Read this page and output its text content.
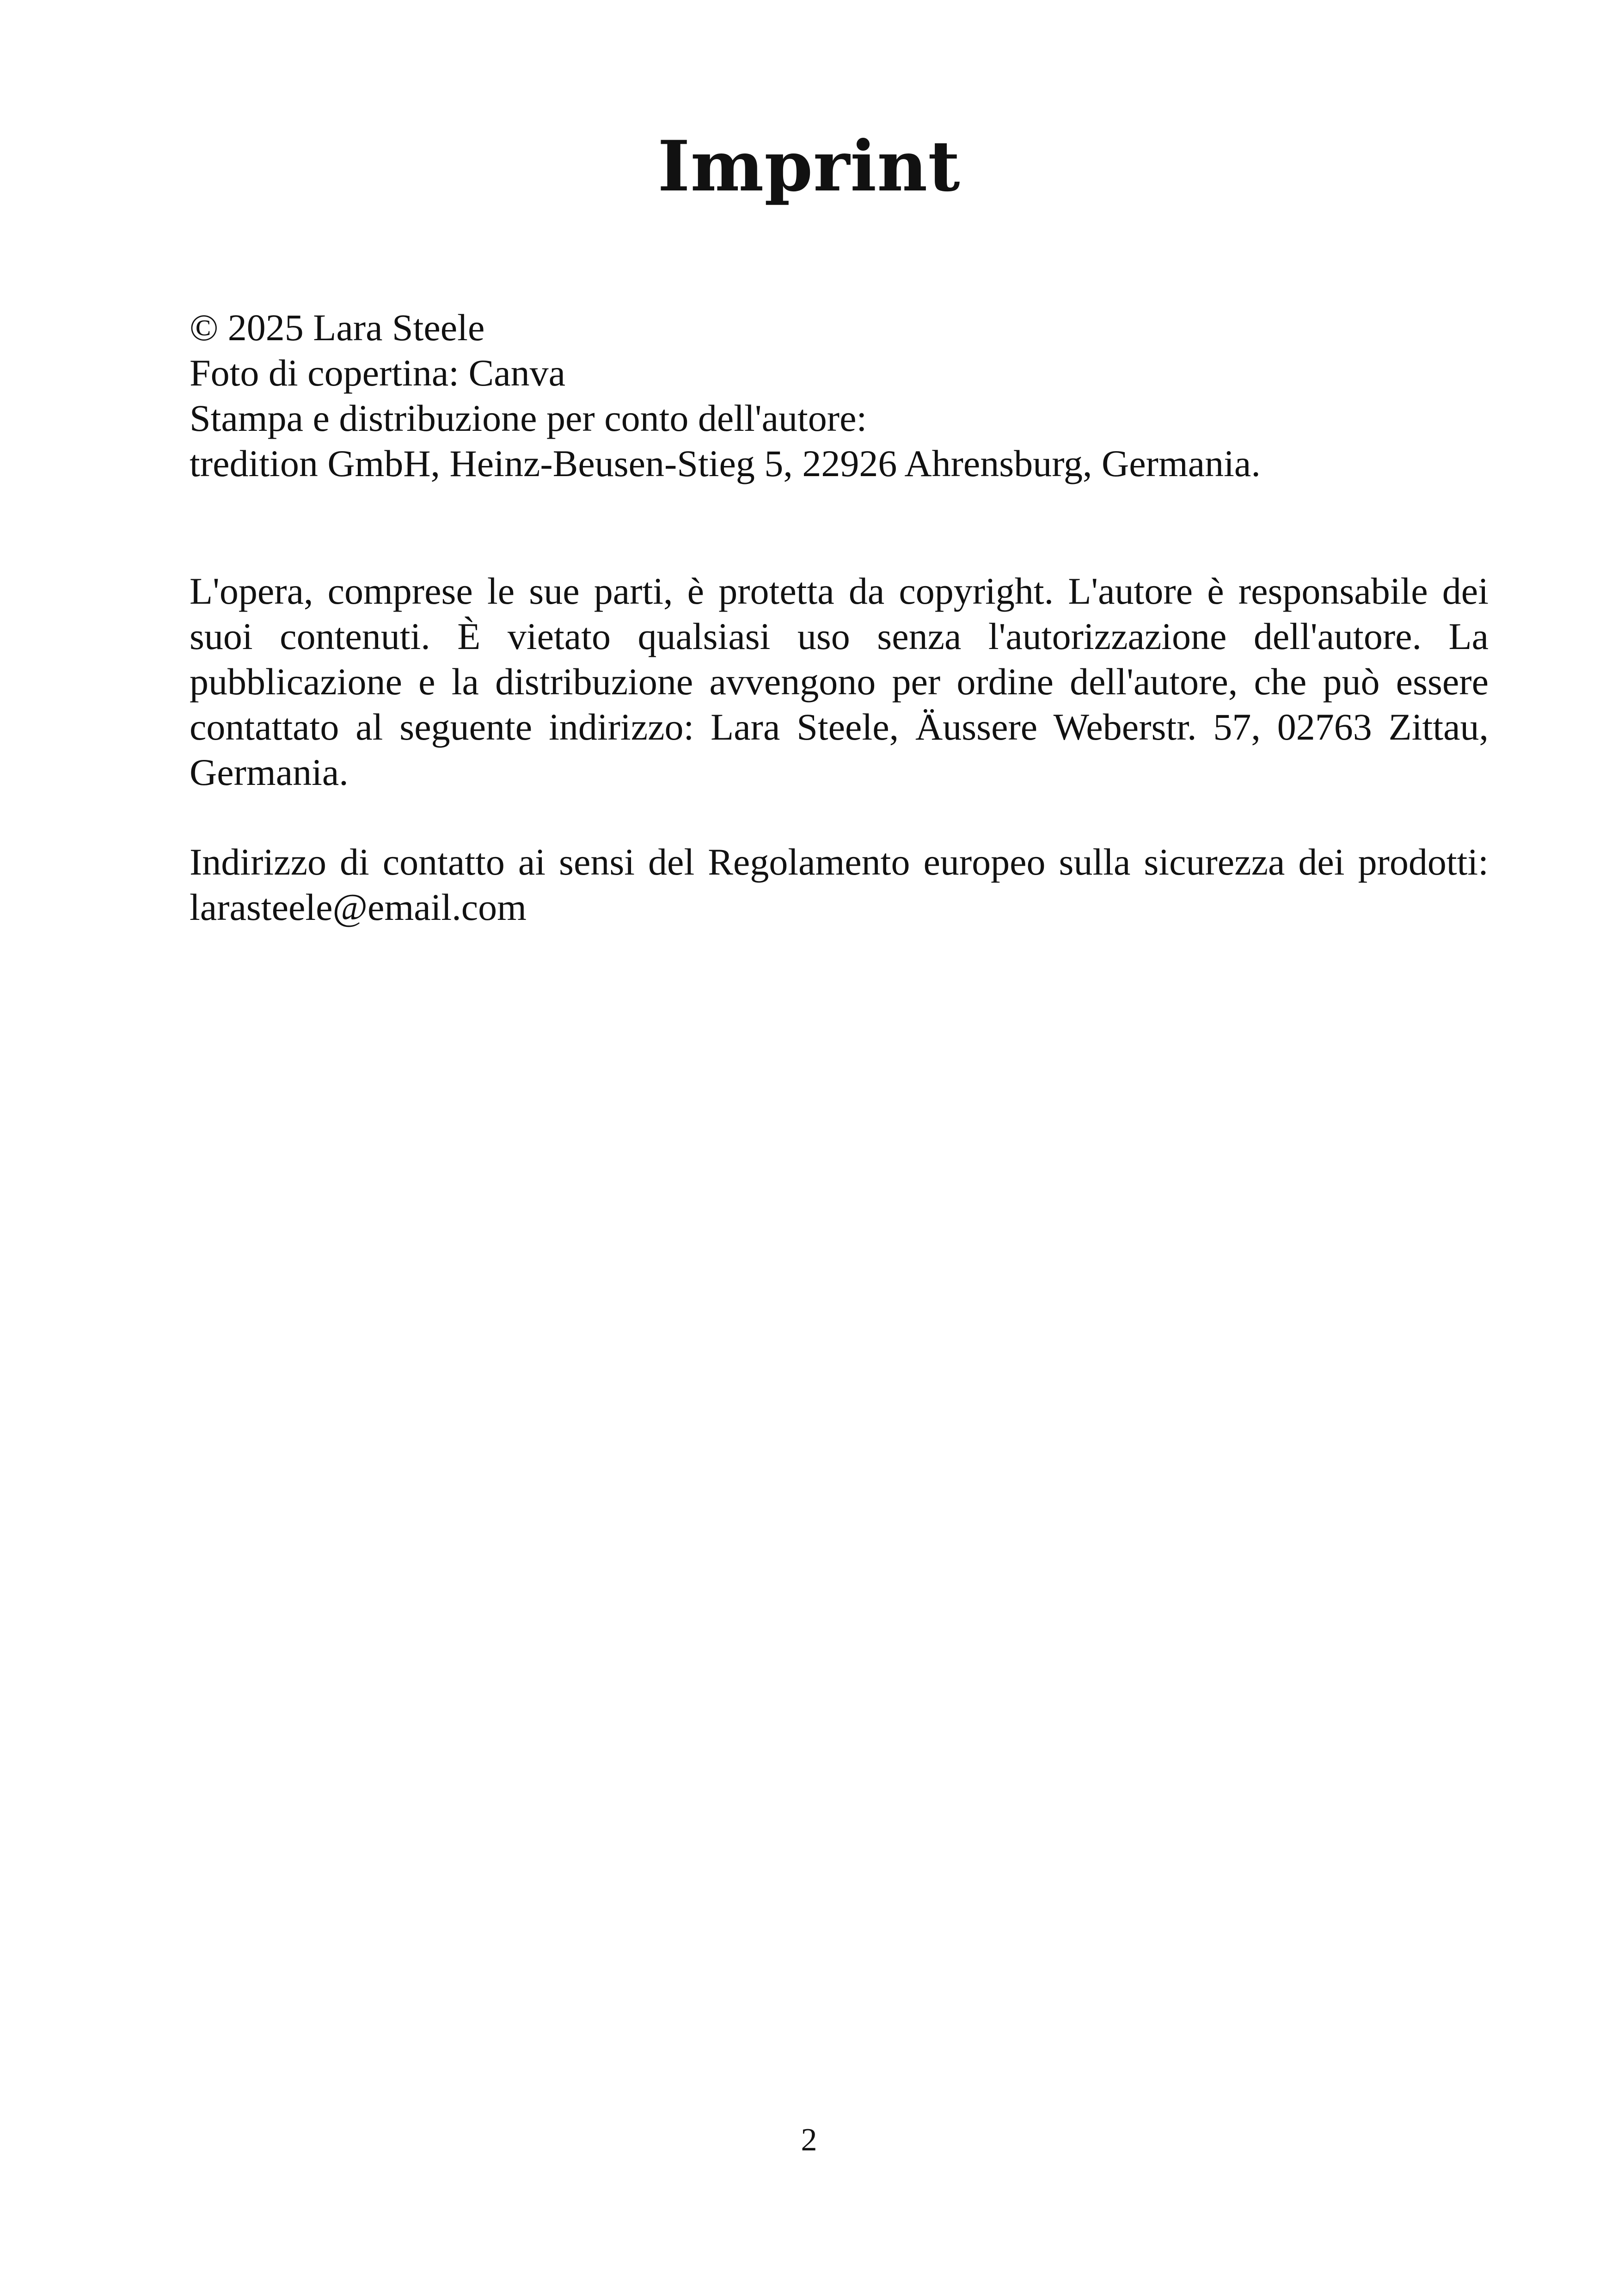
Imprint
© 2025 Lara Steele
Foto di copertina: Canva
Stampa e distribuzione per conto dell'autore:
tredition GmbH, Heinz-Beusen-Stieg 5, 22926 Ahrensburg, Germania.

L'opera, comprese le sue parti, è protetta da copyright. L'autore è responsabile dei suoi contenuti. È vietato qualsiasi uso senza l'autorizzazione dell'autore. La pubblicazione e la distribuzione avvengono per ordine dell'autore, che può essere contattato al seguente indirizzo: Lara Steele, Äussere Weberstr. 57, 02763 Zittau, Germania.

Indirizzo di contatto ai sensi del Regolamento europeo sulla sicurezza dei prodotti: larasteele@email.com

2
